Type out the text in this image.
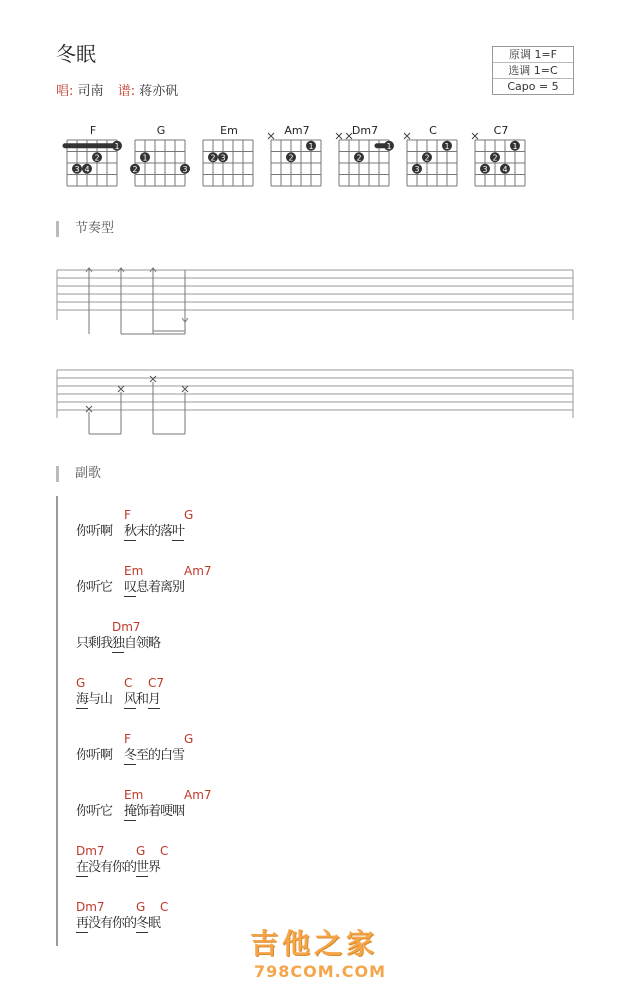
冬眠
唱: 司南 谱: 蒋亦矾
原调 1=F
选调 1=C
Capo = 5
F	G	Em	Am7	Dm7	C	C7
1
2
3 4
1
2	3
2 3
1
2
1
2
1
2
3
1
2
3 4
节奏型
副歌
你
听
啊 秋
末
的
落
叶
F	G
你
听
它 叹
息
着
离
别
Em	Am7
只
剩
我
独
自
领
略
Dm7
海
与
山 风
和
月
G	C C7
你
听
啊 冬
至
的
白
雪
F	G
你
听
它 掩
饰
着
哽
咽
Em	Am7
在
没
有
你
的
世
界
Dm7	G C
再
没
有
你
的
冬
眠
Dm7	G C
吉他之家
798COM.COM
